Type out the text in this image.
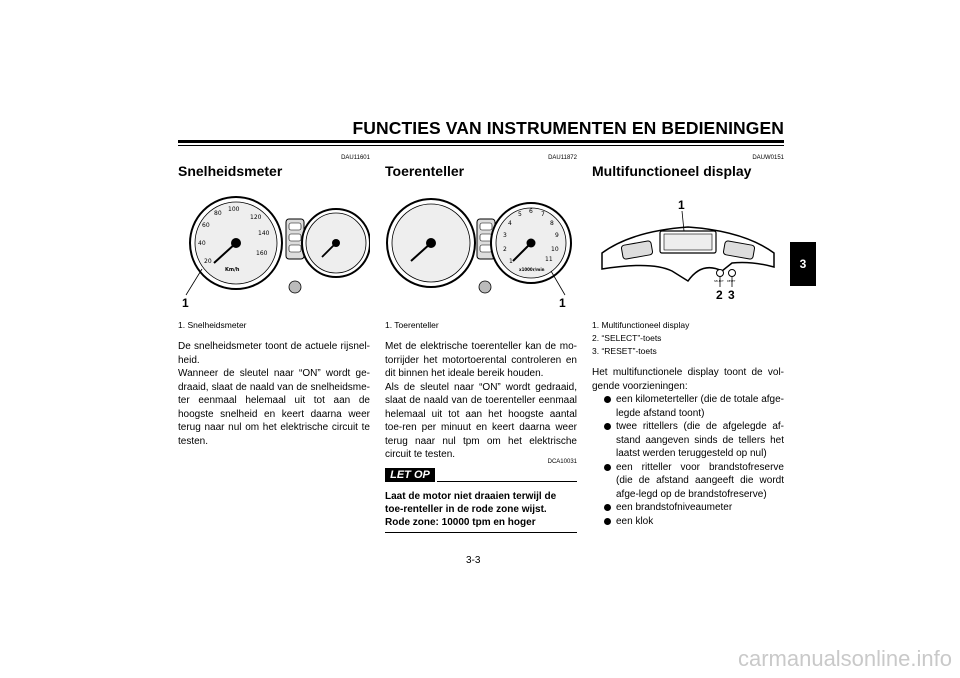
FUNCTIES VAN INSTRUMENTEN EN BEDIENINGEN
3
DAU11601
Snelheidsmeter
20
40
60
80
100
120
140
160
Km/h
1
1. Snelheidsmeter

De snelheidsmeter toont de actuele rijsnel-heid.

Wanneer de sleutel naar “ON” wordt ge-draaid, slaat de naald van de snelheidsme-ter eenmaal helemaal uit tot aan de hoogste snelheid en keert daarna weer terug naar nul om het elektrische circuit te testen.

DAU11872
Toerenteller
1
2
3
4
5 6 7
8
9
10
11
x1000r/min
1
1. Toerenteller

Met de elektrische toerenteller kan de mo-torrijder het motortoerental controleren en dit binnen het ideale bereik houden.

Als de sleutel naar “ON” wordt gedraaid, slaat de naald van de toerenteller eenmaal helemaal uit tot aan het hoogste aantal toe-ren per minuut en keert daarna weer terug naar nul tpm om het elektrische circuit te testen.

DCA10031
LET OP
Laat de motor niet draaien terwijl de toe-renteller in de rode zone wijst.
Rode zone: 10000 tpm en hoger
DAUW0151
Multifunctioneel display
1
SELECT RESET
2 3
1. Multifunctioneel display
2. “SELECT”-toets
3. “RESET”-toets

Het multifunctionele display toont de vol-gende voorzieningen:

een kilometerteller (die de totale afge-legde afstand toont)
twee rittellers (die de afgelegde af-stand aangeven sinds de tellers het laatst werden teruggesteld op nul)
een ritteller voor brandstofreserve (die de afstand aangeeft die wordt afge-legd op de brandstofreserve)
een brandstofniveaumeter
een klok
3-3
carmanualsonline.info
